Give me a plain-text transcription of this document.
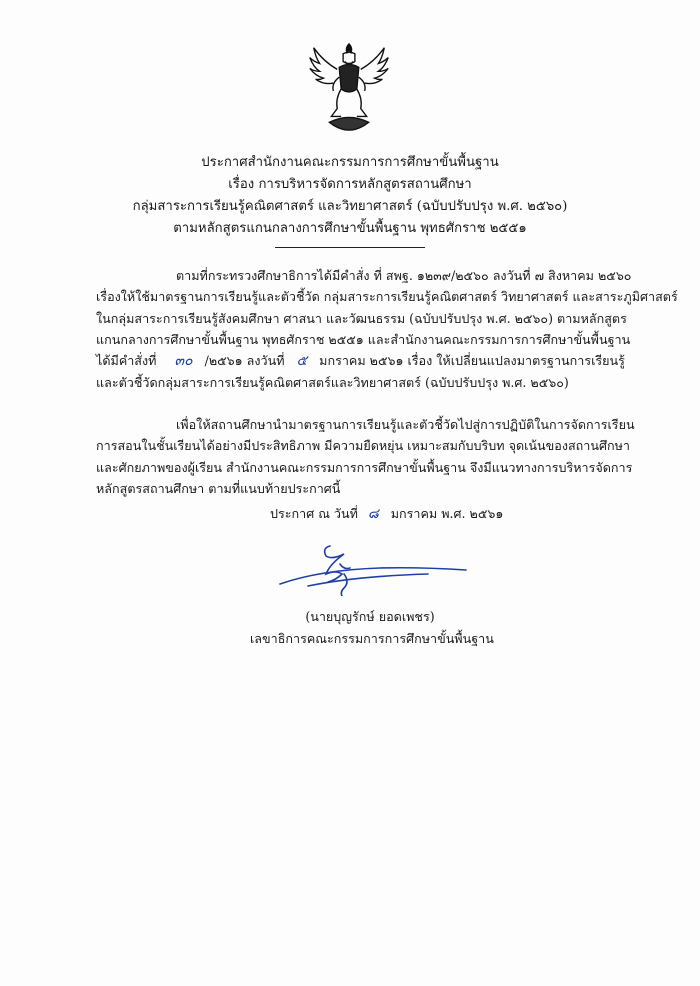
ประกาศสำนักงานคณะกรรมการการศึกษาขั้นพื้นฐาน
เรื่อง การบริหารจัดการหลักสูตรสถานศึกษา
กลุ่มสาระการเรียนรู้คณิตศาสตร์ และวิทยาศาสตร์ (ฉบับปรับปรุง พ.ศ. ๒๕๖๐)
ตามหลักสูตรแกนกลางการศึกษาขั้นพื้นฐาน พุทธศักราช ๒๕๕๑
ตามที่กระทรวงศึกษาธิการได้มีคำสั่ง ที่ สพฐ. ๑๒๓๙/๒๕๖๐ ลงวันที่ ๗ สิงหาคม ๒๕๖๐
เรื่องให้ใช้มาตรฐานการเรียนรู้และตัวชี้วัด กลุ่มสาระการเรียนรู้คณิตศาสตร์ วิทยาศาสตร์ และสาระภูมิศาสตร์
ในกลุ่มสาระการเรียนรู้สังคมศึกษา ศาสนา และวัฒนธรรม (ฉบับปรับปรุง พ.ศ. ๒๕๖๐) ตามหลักสูตร
แกนกลางการศึกษาขั้นพื้นฐาน พุทธศักราช ๒๕๕๑ และสำนักงานคณะกรรมการการศึกษาขั้นพื้นฐาน
ได้มีคำสั่งที่ ๓๐ /๒๕๖๑ ลงวันที่ ๕ มกราคม ๒๕๖๑ เรื่อง ให้เปลี่ยนแปลงมาตรฐานการเรียนรู้
และตัวชี้วัดกลุ่มสาระการเรียนรู้คณิตศาสตร์และวิทยาศาสตร์ (ฉบับปรับปรุง พ.ศ. ๒๕๖๐)
เพื่อให้สถานศึกษานำมาตรฐานการเรียนรู้และตัวชี้วัดไปสู่การปฏิบัติในการจัดการเรียน
การสอนในชั้นเรียนได้อย่างมีประสิทธิภาพ มีความยืดหยุ่น เหมาะสมกับบริบท จุดเน้นของสถานศึกษา
และศักยภาพของผู้เรียน สำนักงานคณะกรรมการการศึกษาขั้นพื้นฐาน จึงมีแนวทางการบริหารจัดการ
หลักสูตรสถานศึกษา ตามที่แนบท้ายประกาศนี้
ประกาศ ณ วันที่ ๘ มกราคม พ.ศ. ๒๕๖๑
(นายบุญรักษ์ ยอดเพชร)
เลขาธิการคณะกรรมการการศึกษาขั้นพื้นฐาน
